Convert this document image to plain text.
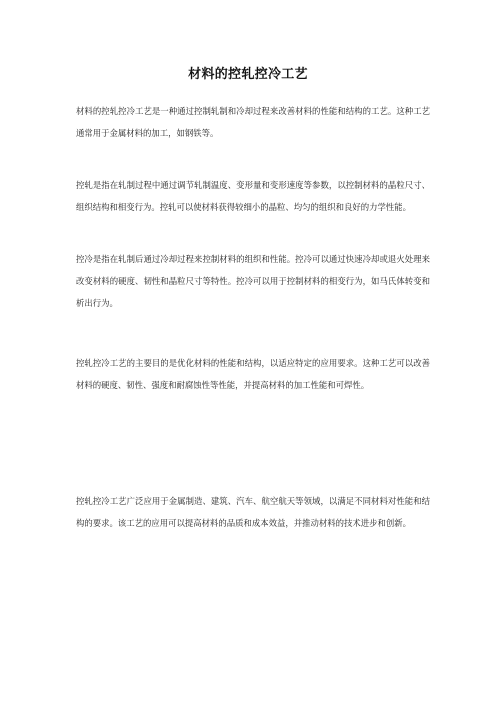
材料的控轧控冷工艺

材料的控轧控冷工艺是一种通过控制轧制和冷却过程来改善材料的性能和结构的工艺。这种工艺通常用于金属材料的加工，如钢铁等。

控轧是指在轧制过程中通过调节轧制温度、变形量和变形速度等参数，以控制材料的晶粒尺寸、组织结构和相变行为。控轧可以使材料获得较细小的晶粒、均匀的组织和良好的力学性能。

控冷是指在轧制后通过冷却过程来控制材料的组织和性能。控冷可以通过快速冷却或退火处理来改变材料的硬度、韧性和晶粒尺寸等特性。控冷可以用于控制材料的相变行为，如马氏体转变和析出行为。

控轧控冷工艺的主要目的是优化材料的性能和结构，以适应特定的应用要求。这种工艺可以改善材料的硬度、韧性、强度和耐腐蚀性等性能，并提高材料的加工性能和可焊性。

控轧控冷工艺广泛应用于金属制造、建筑、汽车、航空航天等领域，以满足不同材料对性能和结构的要求。该工艺的应用可以提高材料的品质和成本效益，并推动材料的技术进步和创新。
